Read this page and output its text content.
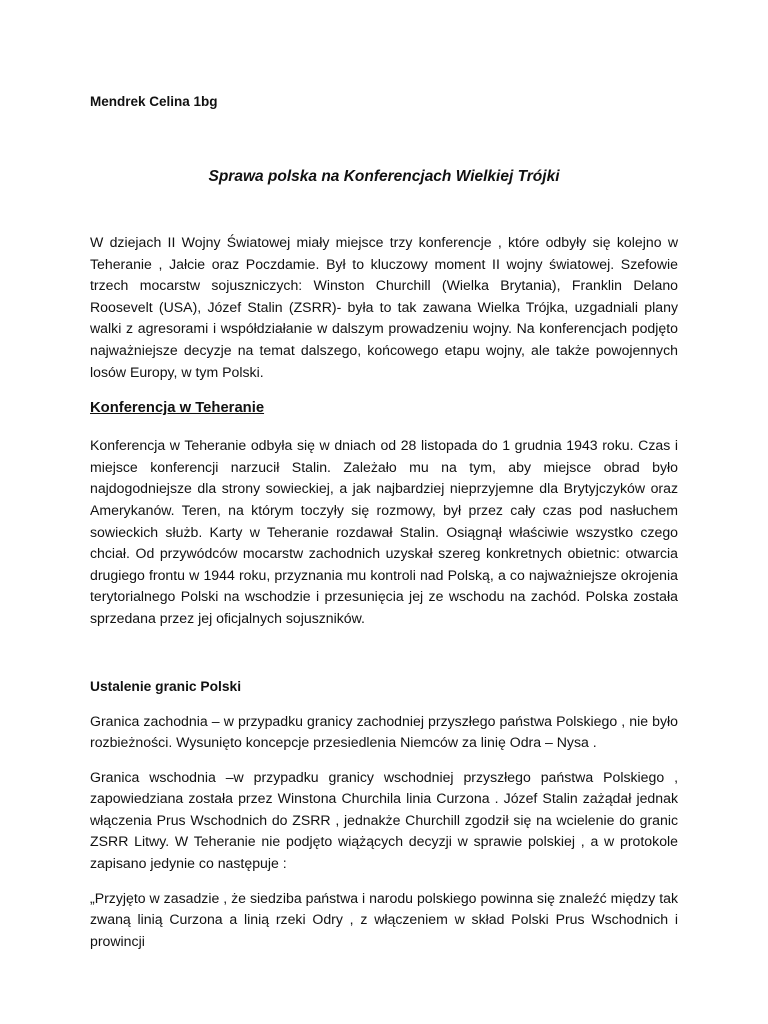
Mendrek Celina 1bg

Sprawa polska na Konferencjach Wielkiej Trójki

W dziejach II Wojny Światowej miały miejsce trzy konferencje , które odbyły się kolejno w Teheranie , Jałcie oraz Poczdamie. Był to kluczowy moment II wojny światowej. Szefowie trzech mocarstw sojuszniczych: Winston Churchill (Wielka Brytania), Franklin Delano Roosevelt (USA), Józef Stalin (ZSRR)- była to tak zawana Wielka Trójka, uzgadniali plany walki z agresorami i współdziałanie w dalszym prowadzeniu wojny. Na konferencjach podjęto najważniejsze decyzje na temat dalszego, końcowego etapu wojny, ale także powojennych losów Europy, w tym Polski.

Konferencja w Teheranie

Konferencja w Teheranie odbyła się w dniach od 28 listopada do 1 grudnia 1943 roku. Czas i miejsce konferencji narzucił Stalin. Zależało mu na tym, aby miejsce obrad było najdogodniejsze dla strony sowieckiej, a jak najbardziej nieprzyjemne dla Brytyjczyków oraz Amerykanów. Teren, na którym toczyły się rozmowy, był przez cały czas pod nasłuchem sowieckich służb. Karty w Teheranie rozdawał Stalin. Osiągnął właściwie wszystko czego chciał. Od przywódców mocarstw zachodnich uzyskał szereg konkretnych obietnic: otwarcia drugiego frontu w 1944 roku, przyznania mu kontroli nad Polską, a co najważniejsze okrojenia terytorialnego Polski na wschodzie i przesunięcia jej ze wschodu na zachód. Polska została sprzedana przez jej oficjalnych sojuszników.

Ustalenie granic Polski

Granica zachodnia – w przypadku granicy zachodniej przyszłego państwa Polskiego , nie było rozbieżności. Wysunięto koncepcje przesiedlenia Niemców za linię Odra – Nysa .

Granica wschodnia –w przypadku granicy wschodniej przyszłego państwa Polskiego , zapowiedziana została przez Winstona Churchila linia Curzona . Józef Stalin zażądał jednak włączenia Prus Wschodnich do ZSRR , jednakże Churchill zgodził się na wcielenie do granic ZSRR Litwy. W Teheranie nie podjęto wiążących decyzji w sprawie polskiej , a w protokole zapisano jedynie co następuje :

„Przyjęto w zasadzie , że siedziba państwa i narodu polskiego powinna się znaleźć między tak zwaną linią Curzona a linią rzeki Odry , z włączeniem w skład Polski Prus Wschodnich i prowincji
